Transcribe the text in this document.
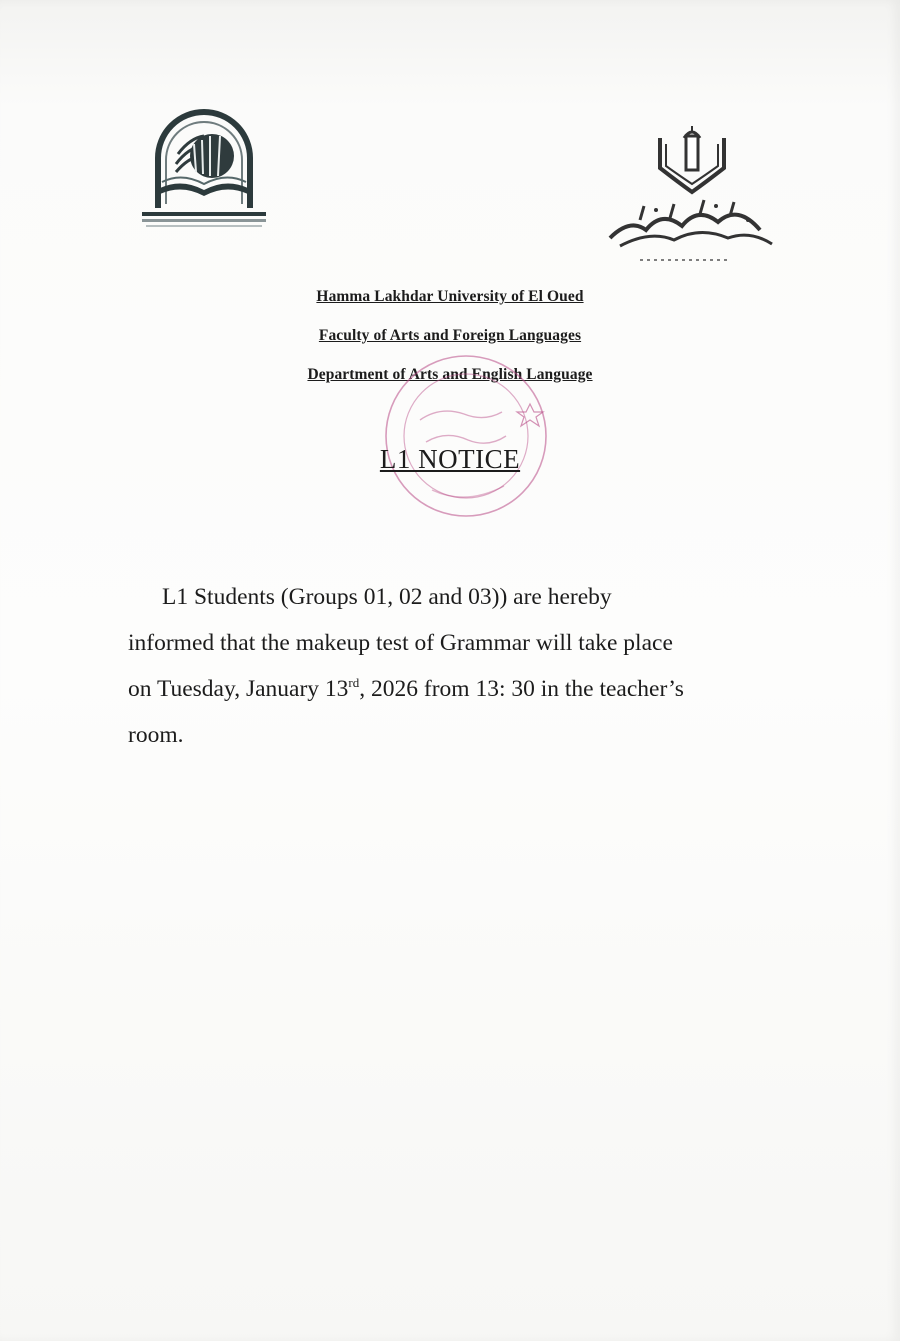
Hamma Lakhdar University of El Oued
Faculty of Arts and Foreign Languages
Department of Arts and English Language
L1 NOTICE

L1 Students (Groups 01, 02 and 03)) are hereby

informed that the makeup test of Grammar will take place

on Tuesday, January 13rd, 2026 from 13: 30 in the teacher’s

room.
